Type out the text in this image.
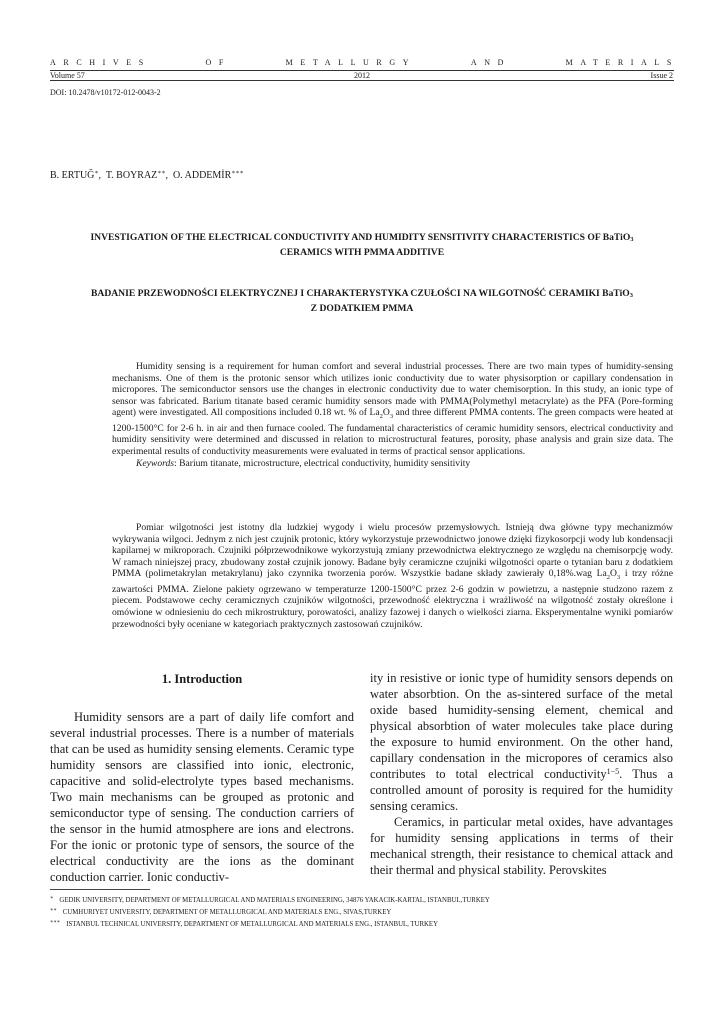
ARCHIVES	OF	METALLURGY	AND	MATERIALS
Volume 57	2012	Issue 2
DOI: 10.2478/v10172-012-0043-2
B. ERTUĞ∗,  T. BOYRAZ∗∗,  O. ADDEMİR∗∗∗
INVESTIGATION OF THE ELECTRICAL CONDUCTIVITY AND HUMIDITY SENSITIVITY CHARACTERISTICS OF BaTiO$_3$
CERAMICS WITH PMMA ADDITIVE
BADANIE PRZEWODNOŚCI ELEKTRYCZNEJ I CHARAKTERYSTYKA CZUŁOŚCI NA WILGOTNOŚĆ CERAMIKI BaTiO$_3$
Z DODATKIEM PMMA

Humidity sensing is a requirement for human comfort and several industrial processes. There are two main types of humidity-sensing mechanisms. One of them is the protonic sensor which utilizes ionic conductivity due to water physisorption or capillary condensation in micropores. The semiconductor sensors use the changes in electronic conductivity due to water chemisorption. In this study, an ionic type of sensor was fabricated. Barium titanate based ceramic humidity sensors made with PMMA(Polymethyl metacrylate) as the PFA (Pore-forming agent) were investigated. All compositions included 0.18 wt. % of $La_2O_3$ and three different PMMA contents. The green compacts were heated at 1200-1500°C for 2-6 h. in air and then furnace cooled. The fundamental characteristics of ceramic humidity sensors, electrical conductivity and humidity sensitivity were determined and discussed in relation to microstructural features, porosity, phase analysis and grain size data. The experimental results of conductivity measurements were evaluated in terms of practical sensor applications.

Keywords: Barium titanate, microstructure, electrical conductivity, humidity sensitivity

Pomiar wilgotności jest istotny dla ludzkiej wygody i wielu procesów przemysłowych. Istnieją dwa główne typy mechanizmów wykrywania wilgoci. Jednym z nich jest czujnik protonic, który wykorzystuje przewodnictwo jonowe dzięki fizykosorpcji wody lub kondensacji kapilarnej w mikroporach. Czujniki półprzewodnikowe wykorzystują zmiany przewodnictwa elektrycznego ze względu na chemisorpcję wody. W ramach niniejszej pracy, zbudowany został czujnik jonowy. Badane były ceramiczne czujniki wilgotności oparte o tytanian baru z dodatkiem PMMA (polimetakrylan metakrylanu) jako czynnika tworzenia porów. Wszystkie badane składy zawierały 0,18%.wag $La_2O_3$ i trzy różne zawartości PMMA. Zielone pakiety ogrzewano w temperaturze 1200-1500°C przez 2-6 godzin w powietrzu, a następnie studzono razem z piecem. Podstawowe cechy ceramicznych czujników wilgotności, przewodność elektryczna i wrażliwość na wilgotność zostały określone i omówione w odniesieniu do cech mikrostruktury, porowatości, analizy fazowej i danych o wielkości ziarna. Eksperymentalne wyniki pomiarów przewodności były oceniane w kategoriach praktycznych zastosowań czujników.

1. Introduction

Humidity sensors are a part of daily life comfort and several industrial processes. There is a number of materials that can be used as humidity sensing elements. Ceramic type humidity sensors are classified into ionic, electronic, capacitive and solid-electrolyte types based mechanisms. Two main mechanisms can be grouped as protonic and semiconductor type of sensing. The conduction carriers of the sensor in the humid atmosphere are ions and electrons. For the ionic or protonic type of sensors, the source of the electrical conductivity are the ions as the dominant conduction carrier. Ionic conductiv-

ity in resistive or ionic type of humidity sensors depends on water absorbtion. On the as-sintered surface of the metal oxide based humidity-sensing element, chemical and physical absorbtion of water molecules take place during the exposure to humid environment. On the other hand, capillary condensation in the micropores of ceramics also contributes to total electrical conductivity$^{1-5}$. Thus a controlled amount of porosity is required for the humidity sensing ceramics.

Ceramics, in particular metal oxides, have advantages for humidity sensing applications in terms of their mechanical strength, their resistance to chemical attack and their thermal and physical stability. Perovskites

∗ GEDIK UNIVERSITY, DEPARTMENT OF METALLURGICAL AND MATERIALS ENGINEERING, 34876 YAKACIK-KARTAL, ISTANBUL,TURKEY
∗∗ CUMHURIYET UNIVERSITY, DEPARTMENT OF METALLURGICAL AND MATERIALS ENG., SIVAS,TURKEY
∗∗∗ ISTANBUL TECHNICAL UNIVERSITY, DEPARTMENT OF METALLURGICAL AND MATERIALS ENG., ISTANBUL, TURKEY
